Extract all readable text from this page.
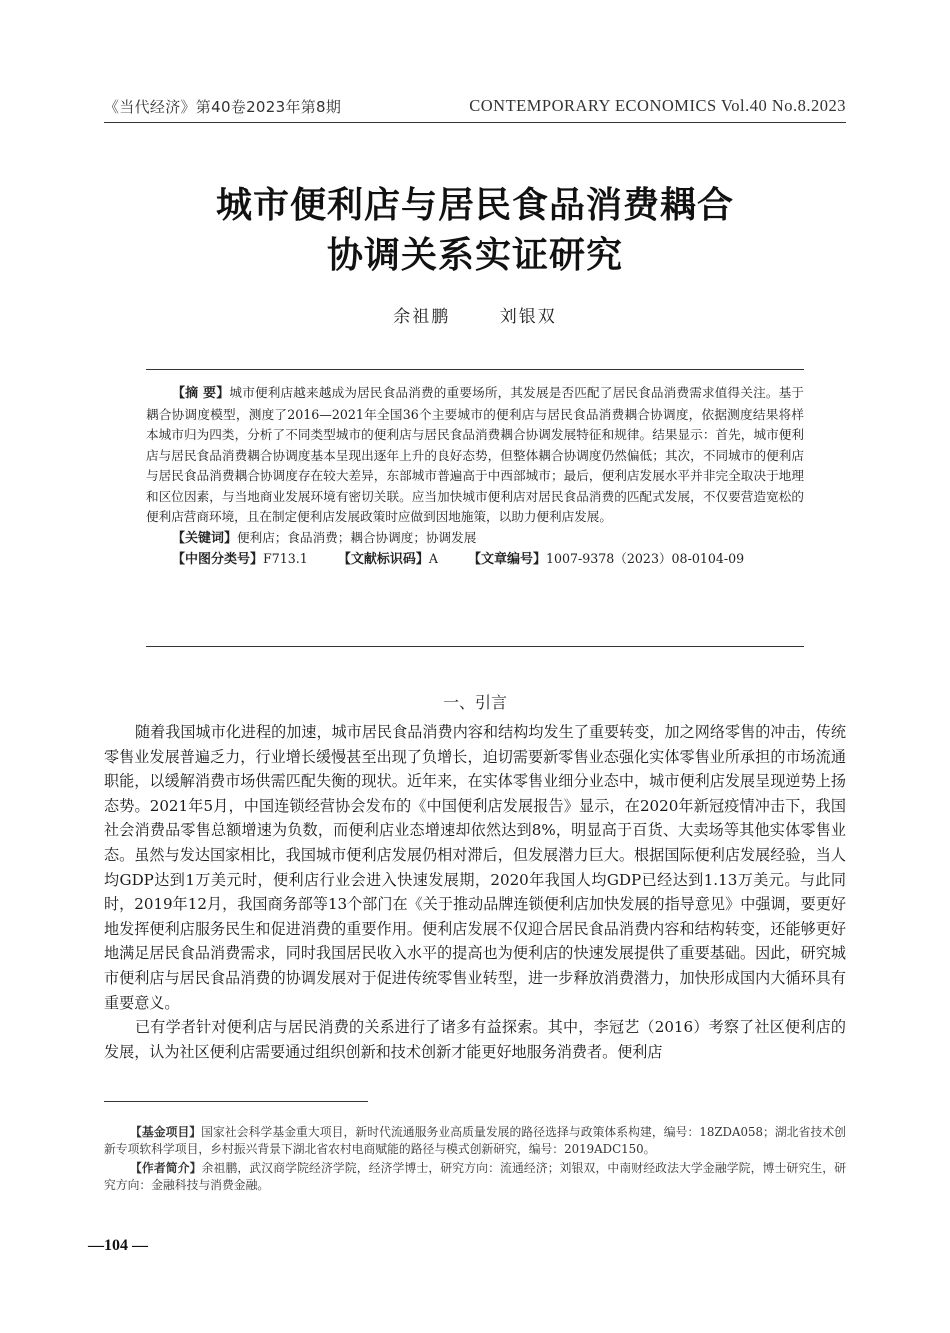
《当代经济》第40卷2023年第8期	CONTEMPORARY ECONOMICS Vol.40 No.8.2023
城市便利店与居民食品消费耦合
协调关系实证研究
余祖鹏	刘银双

【摘 要】城市便利店越来越成为居民食品消费的重要场所，其发展是否匹配了居民食品消费需求值得关注。基于耦合协调度模型，测度了2016—2021年全国36个主要城市的便利店与居民食品消费耦合协调度，依据测度结果将样本城市归为四类，分析了不同类型城市的便利店与居民食品消费耦合协调发展特征和规律。结果显示：首先，城市便利店与居民食品消费耦合协调度基本呈现出逐年上升的良好态势，但整体耦合协调度仍然偏低；其次，不同城市的便利店与居民食品消费耦合协调度存在较大差异，东部城市普遍高于中西部城市；最后，便利店发展水平并非完全取决于地理和区位因素，与当地商业发展环境有密切关联。应当加快城市便利店对居民食品消费的匹配式发展，不仅要营造宽松的便利店营商环境，且在制定便利店发展政策时应做到因地施策，以助力便利店发展。

【关键词】便利店；食品消费；耦合协调度；协调发展

【中图分类号】F713.1 【文献标识码】A 【文章编号】1007-9378（2023）08-0104-09
一、引言

随着我国城市化进程的加速，城市居民食品消费内容和结构均发生了重要转变，加之网络零售的冲击，传统零售业发展普遍乏力，行业增长缓慢甚至出现了负增长，迫切需要新零售业态强化实体零售业所承担的市场流通职能，以缓解消费市场供需匹配失衡的现状。近年来，在实体零售业细分业态中，城市便利店发展呈现逆势上扬态势。2021年5月，中国连锁经营协会发布的《中国便利店发展报告》显示，在2020年新冠疫情冲击下，我国社会消费品零售总额增速为负数，而便利店业态增速却依然达到8%，明显高于百货、大卖场等其他实体零售业态。虽然与发达国家相比，我国城市便利店发展仍相对滞后，但发展潜力巨大。根据国际便利店发展经验，当人均GDP达到1万美元时，便利店行业会进入快速发展期，2020年我国人均GDP已经达到1.13万美元。与此同时，2019年12月，我国商务部等13个部门在《关于推动品牌连锁便利店加快发展的指导意见》中强调，要更好地发挥便利店服务民生和促进消费的重要作用。便利店发展不仅迎合居民食品消费内容和结构转变，还能够更好地满足居民食品消费需求，同时我国居民收入水平的提高也为便利店的快速发展提供了重要基础。因此，研究城市便利店与居民食品消费的协调发展对于促进传统零售业转型，进一步释放消费潜力，加快形成国内大循环具有重要意义。

已有学者针对便利店与居民消费的关系进行了诸多有益探索。其中，李冠艺（2016）考察了社区便利店的发展，认为社区便利店需要通过组织创新和技术创新才能更好地服务消费者。便利店

【基金项目】国家社会科学基金重大项目，新时代流通服务业高质量发展的路径选择与政策体系构建，编号：18ZDA058；湖北省技术创新专项软科学项目，乡村振兴背景下湖北省农村电商赋能的路径与模式创新研究，编号：2019ADC150。

【作者简介】余祖鹏，武汉商学院经济学院，经济学博士，研究方向：流通经济；刘银双，中南财经政法大学金融学院，博士研究生，研究方向：金融科技与消费金融。

—104 —
